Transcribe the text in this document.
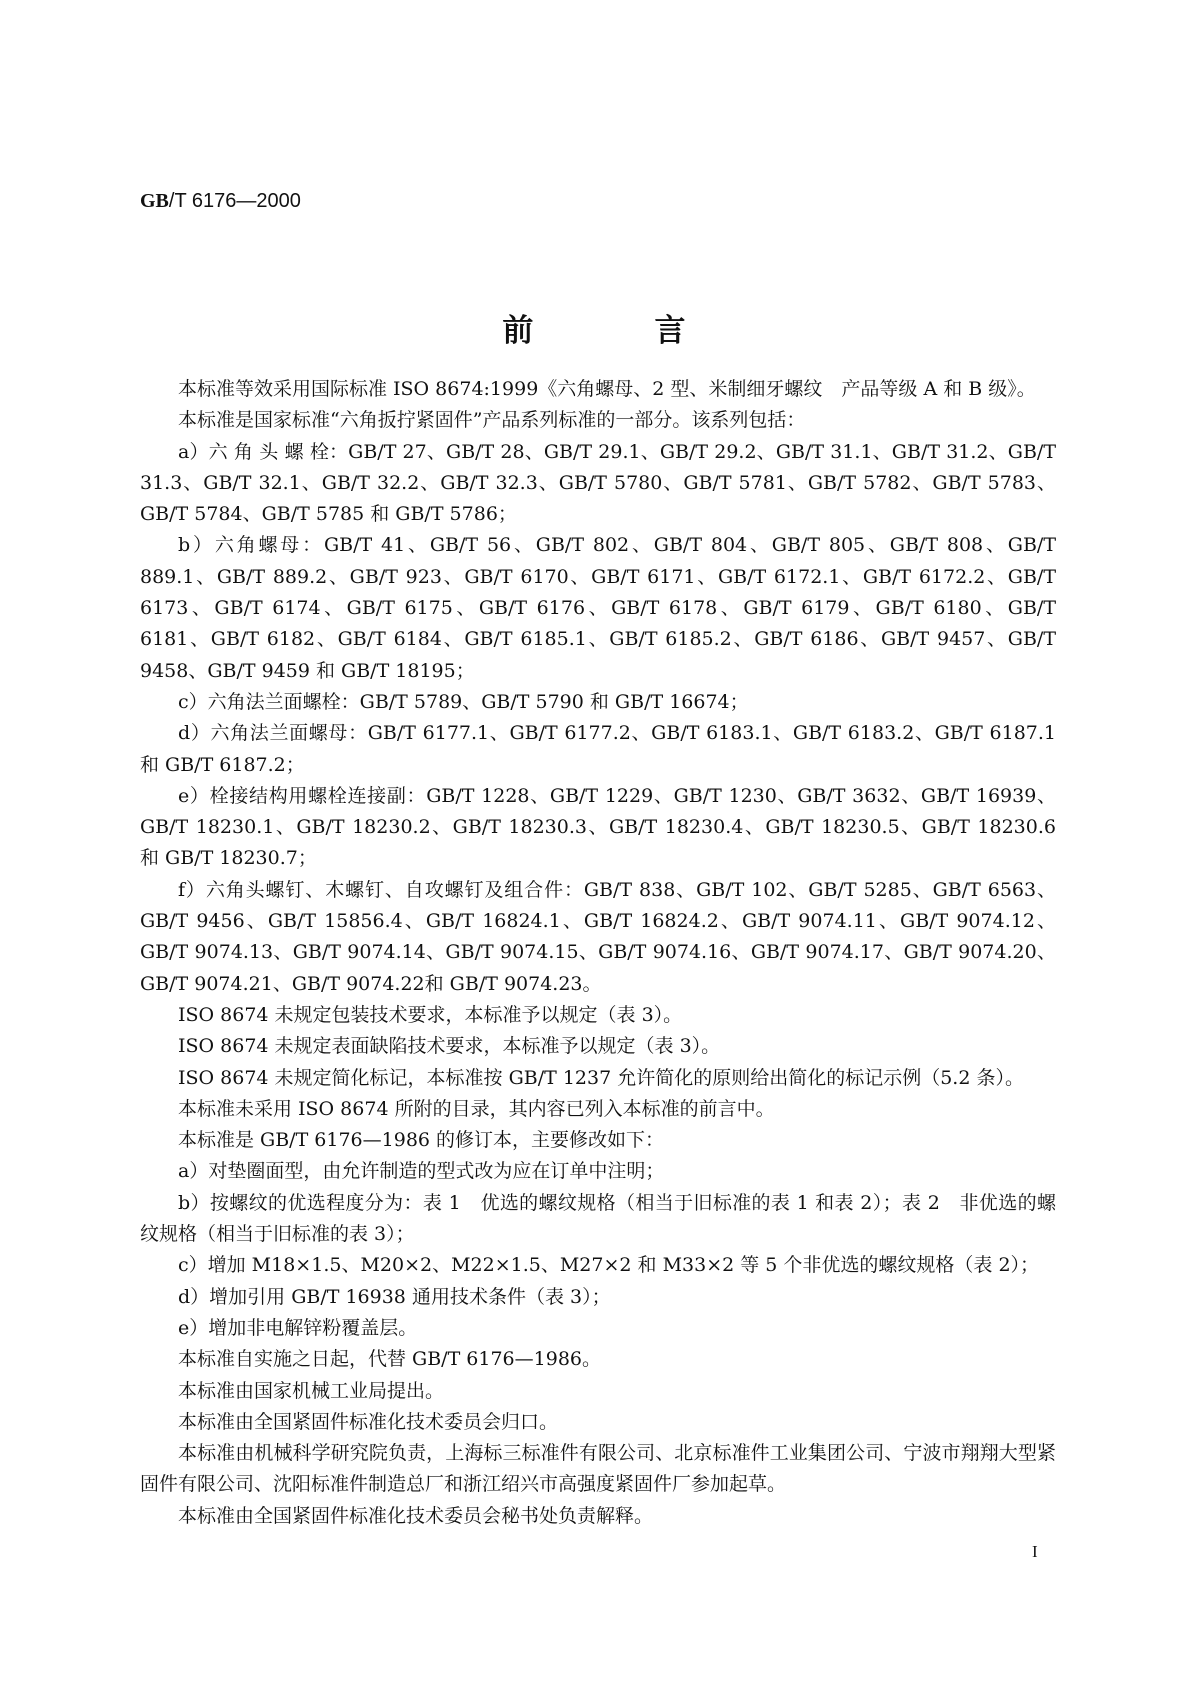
GB/T 6176—2000
前	言

本标准等效采用国际标准 ISO 8674:1999《六角螺母、2 型、米制细牙螺纹　产品等级 A 和 B 级》。

本标准是国家标准“六角扳拧紧固件”产品系列标准的一部分。该系列包括：

a）六 角 头 螺 栓：GB/T 27、GB/T 28、GB/T 29.1、GB/T 29.2、GB/T 31.1、GB/T 31.2、GB/T 31.3、GB/T 32.1、GB/T 32.2、GB/T 32.3、GB/T 5780、GB/T 5781、GB/T 5782、GB/T 5783、GB/T 5784、GB/T 5785 和 GB/T 5786；

b）六角螺母：GB/T 41、GB/T 56、GB/T 802、GB/T 804、GB/T 805、GB/T 808、GB/T 889.1、GB/T 889.2、GB/T 923、GB/T 6170、GB/T 6171、GB/T 6172.1、GB/T 6172.2、GB/T 6173、GB/T 6174、GB/T 6175、GB/T 6176、GB/T 6178、GB/T 6179、GB/T 6180、GB/T 6181、GB/T 6182、GB/T 6184、GB/T 6185.1、GB/T 6185.2、GB/T 6186、GB/T 9457、GB/T 9458、GB/T 9459 和 GB/T 18195；

c）六角法兰面螺栓：GB/T 5789、GB/T 5790 和 GB/T 16674；

d）六角法兰面螺母：GB/T 6177.1、GB/T 6177.2、GB/T 6183.1、GB/T 6183.2、GB/T 6187.1 和 GB/T 6187.2；

e）栓接结构用螺栓连接副：GB/T 1228、GB/T 1229、GB/T 1230、GB/T 3632、GB/T 16939、GB/T 18230.1、GB/T 18230.2、GB/T 18230.3、GB/T 18230.4、GB/T 18230.5、GB/T 18230.6 和 GB/T 18230.7；

f）六角头螺钉、木螺钉、自攻螺钉及组合件：GB/T 838、GB/T 102、GB/T 5285、GB/T 6563、GB/T 9456、GB/T 15856.4、GB/T 16824.1、GB/T 16824.2、GB/T 9074.11、GB/T 9074.12、GB/T 9074.13、GB/T 9074.14、GB/T 9074.15、GB/T 9074.16、GB/T 9074.17、GB/T 9074.20、GB/T 9074.21、GB/T 9074.22和 GB/T 9074.23。

ISO 8674 未规定包装技术要求，本标准予以规定（表 3）。

ISO 8674 未规定表面缺陷技术要求，本标准予以规定（表 3）。

ISO 8674 未规定简化标记，本标准按 GB/T 1237 允许简化的原则给出简化的标记示例（5.2 条）。

本标准未采用 ISO 8674 所附的目录，其内容已列入本标准的前言中。

本标准是 GB/T 6176—1986 的修订本，主要修改如下：

a）对垫圈面型，由允许制造的型式改为应在订单中注明；

b）按螺纹的优选程度分为：表 1　优选的螺纹规格（相当于旧标准的表 1 和表 2）；表 2　非优选的螺纹规格（相当于旧标准的表 3）；

c）增加 M18×1.5、M20×2、M22×1.5、M27×2 和 M33×2 等 5 个非优选的螺纹规格（表 2）；

d）增加引用 GB/T 16938 通用技术条件（表 3）；

e）增加非电解锌粉覆盖层。

本标准自实施之日起，代替 GB/T 6176—1986。

本标准由国家机械工业局提出。

本标准由全国紧固件标准化技术委员会归口。

本标准由机械科学研究院负责，上海标三标准件有限公司、北京标准件工业集团公司、宁波市翔翔大型紧固件有限公司、沈阳标准件制造总厂和浙江绍兴市高强度紧固件厂参加起草。

本标准由全国紧固件标准化技术委员会秘书处负责解释。

I
